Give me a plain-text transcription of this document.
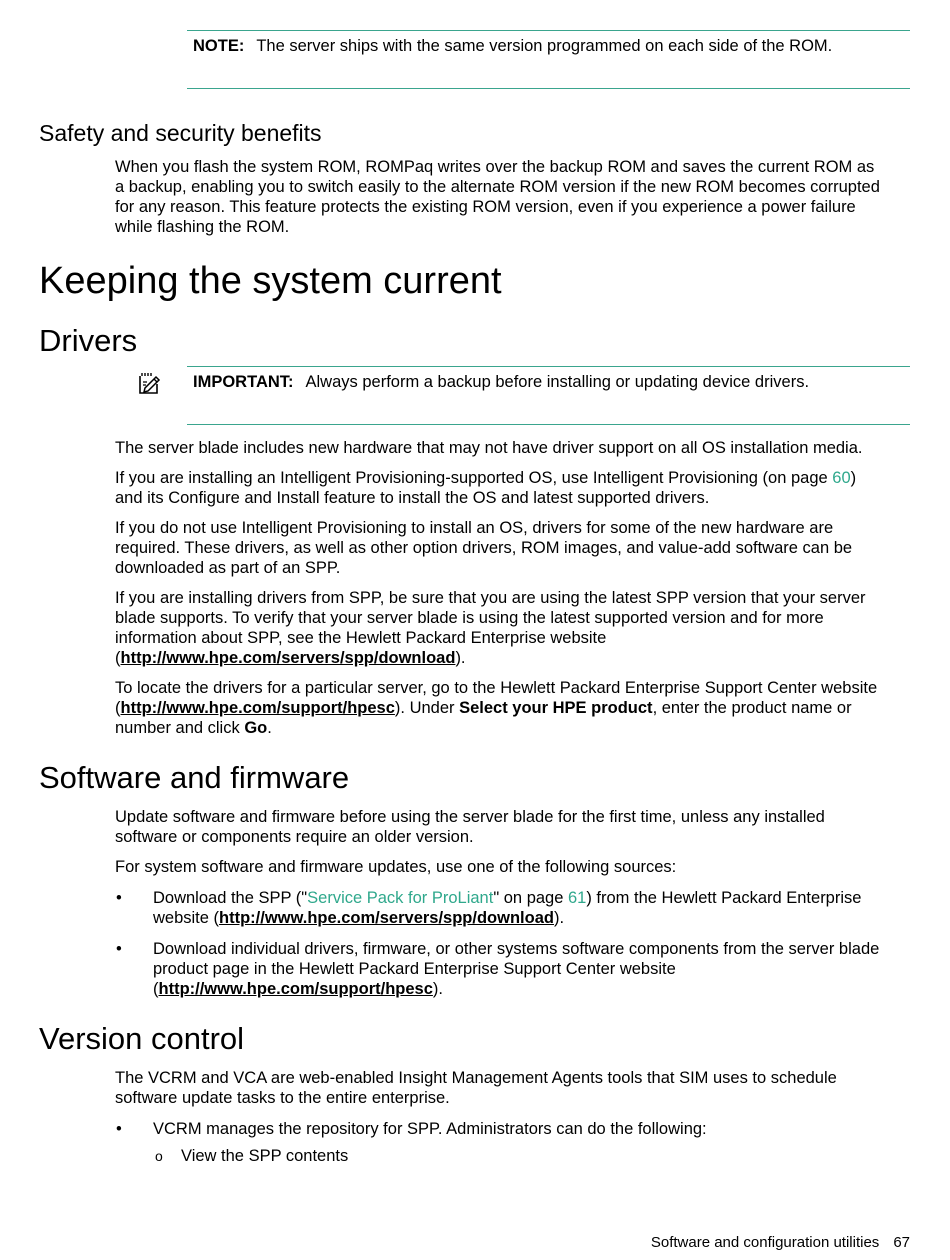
NOTE: The server ships with the same version programmed on each side of the ROM.
Safety and security benefits
When you flash the system ROM, ROMPaq writes over the backup ROM and saves the current ROM as
a backup, enabling you to switch easily to the alternate ROM version if the new ROM becomes corrupted
for any reason. This feature protects the existing ROM version, even if you experience a power failure
while flashing the ROM.
Keeping the system current
Drivers
IMPORTANT: Always perform a backup before installing or updating device drivers.
The server blade includes new hardware that may not have driver support on all OS installation media.
If you are installing an Intelligent Provisioning-supported OS, use Intelligent Provisioning (on page 60)
and its Configure and Install feature to install the OS and latest supported drivers.
If you do not use Intelligent Provisioning to install an OS, drivers for some of the new hardware are
required. These drivers, as well as other option drivers, ROM images, and value-add software can be
downloaded as part of an SPP.
If you are installing drivers from SPP, be sure that you are using the latest SPP version that your server
blade supports. To verify that your server blade is using the latest supported version and for more
information about SPP, see the Hewlett Packard Enterprise website
(http://www.hpe.com/servers/spp/download).
To locate the drivers for a particular server, go to the Hewlett Packard Enterprise Support Center website
(http://www.hpe.com/support/hpesc). Under Select your HPE product, enter the product name or
number and click Go.
Software and firmware
Update software and firmware before using the server blade for the first time, unless any installed
software or components require an older version.
For system software and firmware updates, use one of the following sources:
• Download the SPP ("Service Pack for ProLiant" on page 61) from the Hewlett Packard Enterprise
website (http://www.hpe.com/servers/spp/download).
• Download individual drivers, firmware, or other systems software components from the server blade
product page in the Hewlett Packard Enterprise Support Center website
(http://www.hpe.com/support/hpesc).
Version control
The VCRM and VCA are web-enabled Insight Management Agents tools that SIM uses to schedule
software update tasks to the entire enterprise.
• VCRM manages the repository for SPP. Administrators can do the following:
o View the SPP contents
Software and configuration utilities 67
